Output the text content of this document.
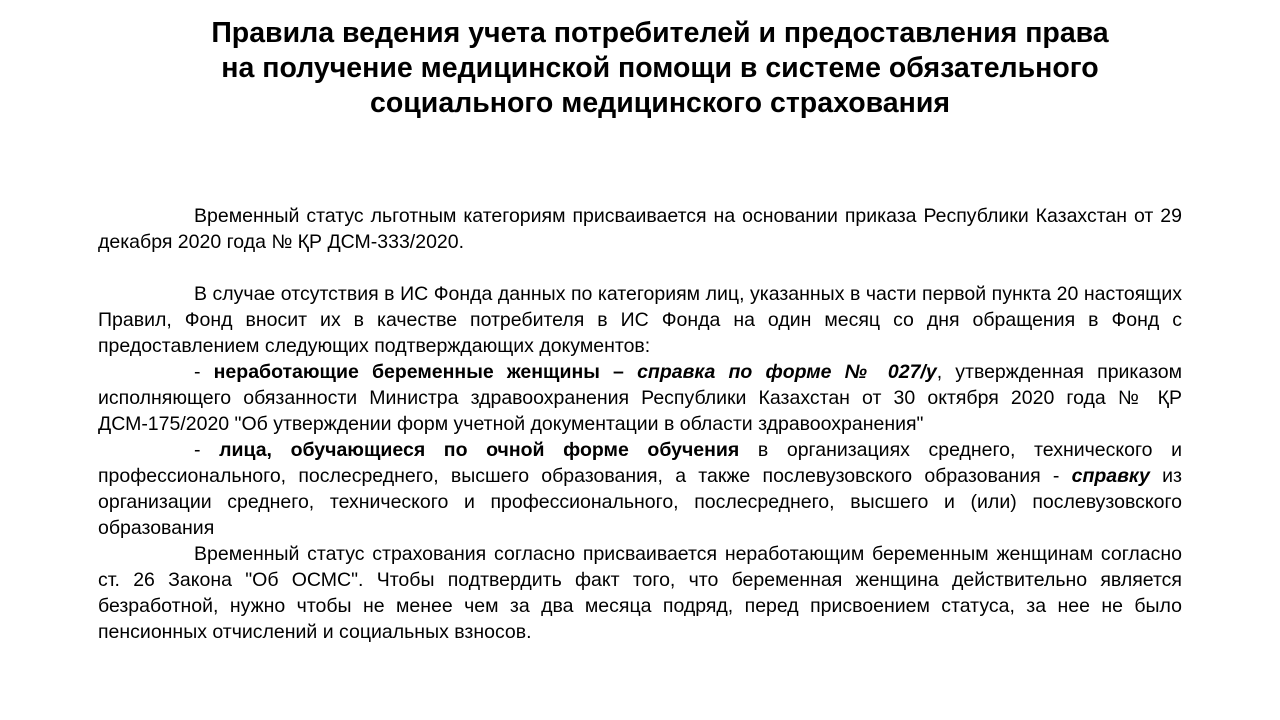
Правила ведения учета потребителей и предоставления права
на получение медицинской помощи в системе обязательного
социального медицинского страхования

Временный статус льготным категориям присваивается на основании приказа Республики Казахстан от 29 декабря 2020 года № ҚР ДСМ-333/2020.

В случае отсутствия в ИС Фонда данных по категориям лиц, указанных в части первой пункта 20 настоящих Правил, Фонд вносит их в качестве потребителя в ИС Фонда на один месяц со дня обращения в Фонд с предоставлением следующих подтверждающих документов:

- неработающие беременные женщины – справка по форме № 027/у, утвержденная приказом исполняющего обязанности Министра здравоохранения Республики Казахстан от 30 октября 2020 года № ҚР ДСМ-175/2020 "Об утверждении форм учетной документации в области здравоохранения"

- лица, обучающиеся по очной форме обучения в организациях среднего, технического и профессионального, послесреднего, высшего образования, а также послевузовского образования - справку из организации среднего, технического и профессионального, послесреднего, высшего и (или) послевузовского образования

Временный статус страхования согласно присваивается неработающим беременным женщинам согласно ст. 26 Закона "Об ОСМС". Чтобы подтвердить факт того, что беременная женщина действительно является безработной, нужно чтобы не менее чем за два месяца подряд, перед присвоением статуса, за нее не было пенсионных отчислений и социальных взносов.
